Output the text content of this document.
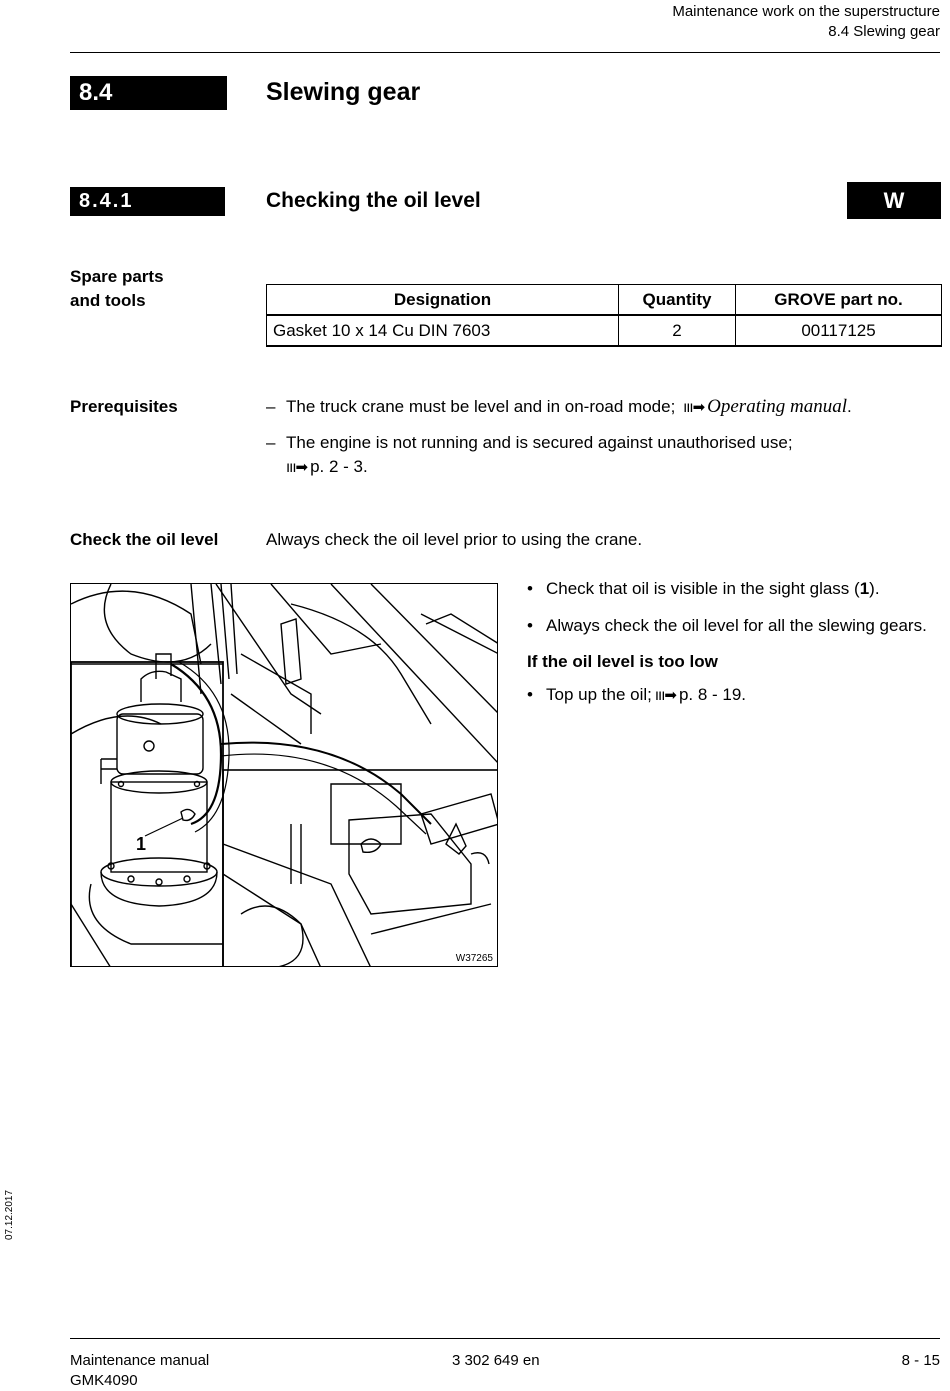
Maintenance work on the superstructure
8.4 Slewing gear
8.4	Slewing gear
8.4.1	Checking the oil level	W
Spare parts
and tools	Designation	Quantity	GROVE part no.
Gasket 10 x 14 Cu DIN 7603	2	00117125
Prerequisites	– The truck crane must be level and in on-road mode; ııı➡ Operating manual.
– The engine is not running and is secured against unauthorised use;
ııı➡ p. 2 - 3.
Check the oil level	Always check the oil level prior to using the crane.
1
W37265
• Check that oil is visible in the sight glass (1).
• Always check the oil level for all the slewing gears.
If the oil level is too low
• Top up the oil; ııı➡ p. 8 - 19.
07.12.2017
Maintenance manual
GMK4090
3 302 649 en	8 - 15
